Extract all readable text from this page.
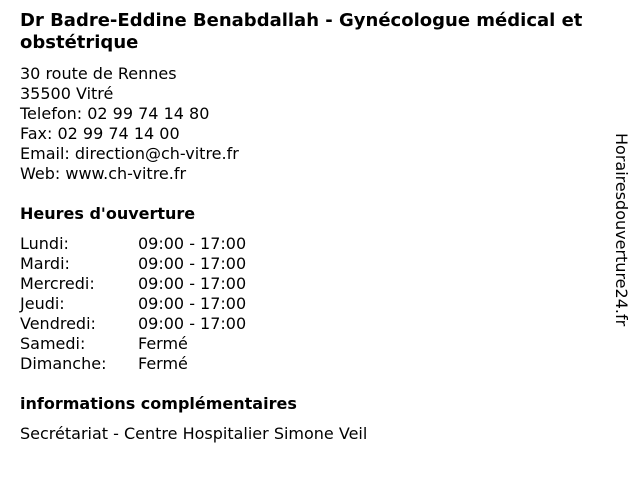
Dr Badre-Eddine Benabdallah - Gynécologue médical et obstétrique
30 route de Rennes
35500 Vitré
Telefon: 02 99 74 14 80
Fax: 02 99 74 14 00
Email: direction@ch-vitre.fr
Web: www.ch-vitre.fr
Heures d'ouverture
Lundi:	09:00 - 17:00
Mardi:	09:00 - 17:00
Mercredi:	09:00 - 17:00
Jeudi:	09:00 - 17:00
Vendredi:	09:00 - 17:00
Samedi:	Fermé
Dimanche:	Fermé
informations complémentaires
Secrétariat - Centre Hospitalier Simone Veil
Horairesdouverture24.fr
